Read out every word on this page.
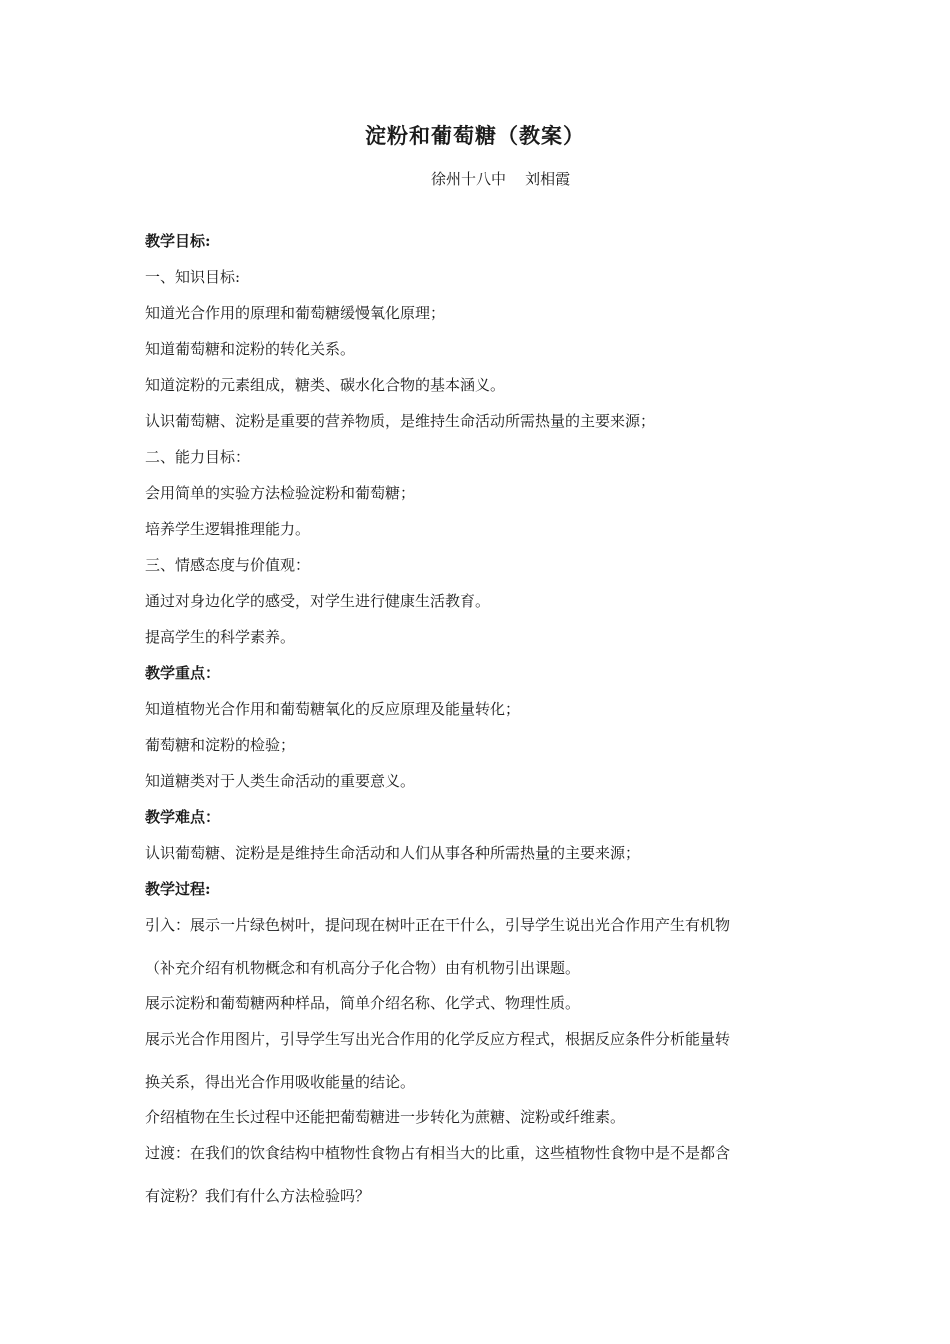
淀粉和葡萄糖（教案）
徐州十八中    刘相霞
教学目标:
一、知识目标:
知道光合作用的原理和葡萄糖缓慢氧化原理；
知道葡萄糖和淀粉的转化关系。
知道淀粉的元素组成，糖类、碳水化合物的基本涵义。
认识葡萄糖、淀粉是重要的营养物质，是维持生命活动所需热量的主要来源；
二、能力目标：
会用简单的实验方法检验淀粉和葡萄糖；
培养学生逻辑推理能力。
三、情感态度与价值观：
通过对身边化学的感受，对学生进行健康生活教育。
提高学生的科学素养。
教学重点：
知道植物光合作用和葡萄糖氧化的反应原理及能量转化；
葡萄糖和淀粉的检验；
知道糖类对于人类生命活动的重要意义。
教学难点：
认识葡萄糖、淀粉是是维持生命活动和人们从事各种所需热量的主要来源；
教学过程:
引入：展示一片绿色树叶，提问现在树叶正在干什么，引导学生说出光合作用产生有机物
（补充介绍有机物概念和有机高分子化合物）由有机物引出课题。
展示淀粉和葡萄糖两种样品，简单介绍名称、化学式、物理性质。
展示光合作用图片，引导学生写出光合作用的化学反应方程式，根据反应条件分析能量转
换关系，得出光合作用吸收能量的结论。
介绍植物在生长过程中还能把葡萄糖进一步转化为蔗糖、淀粉或纤维素。
过渡：在我们的饮食结构中植物性食物占有相当大的比重，这些植物性食物中是不是都含
有淀粉？我们有什么方法检验吗？
